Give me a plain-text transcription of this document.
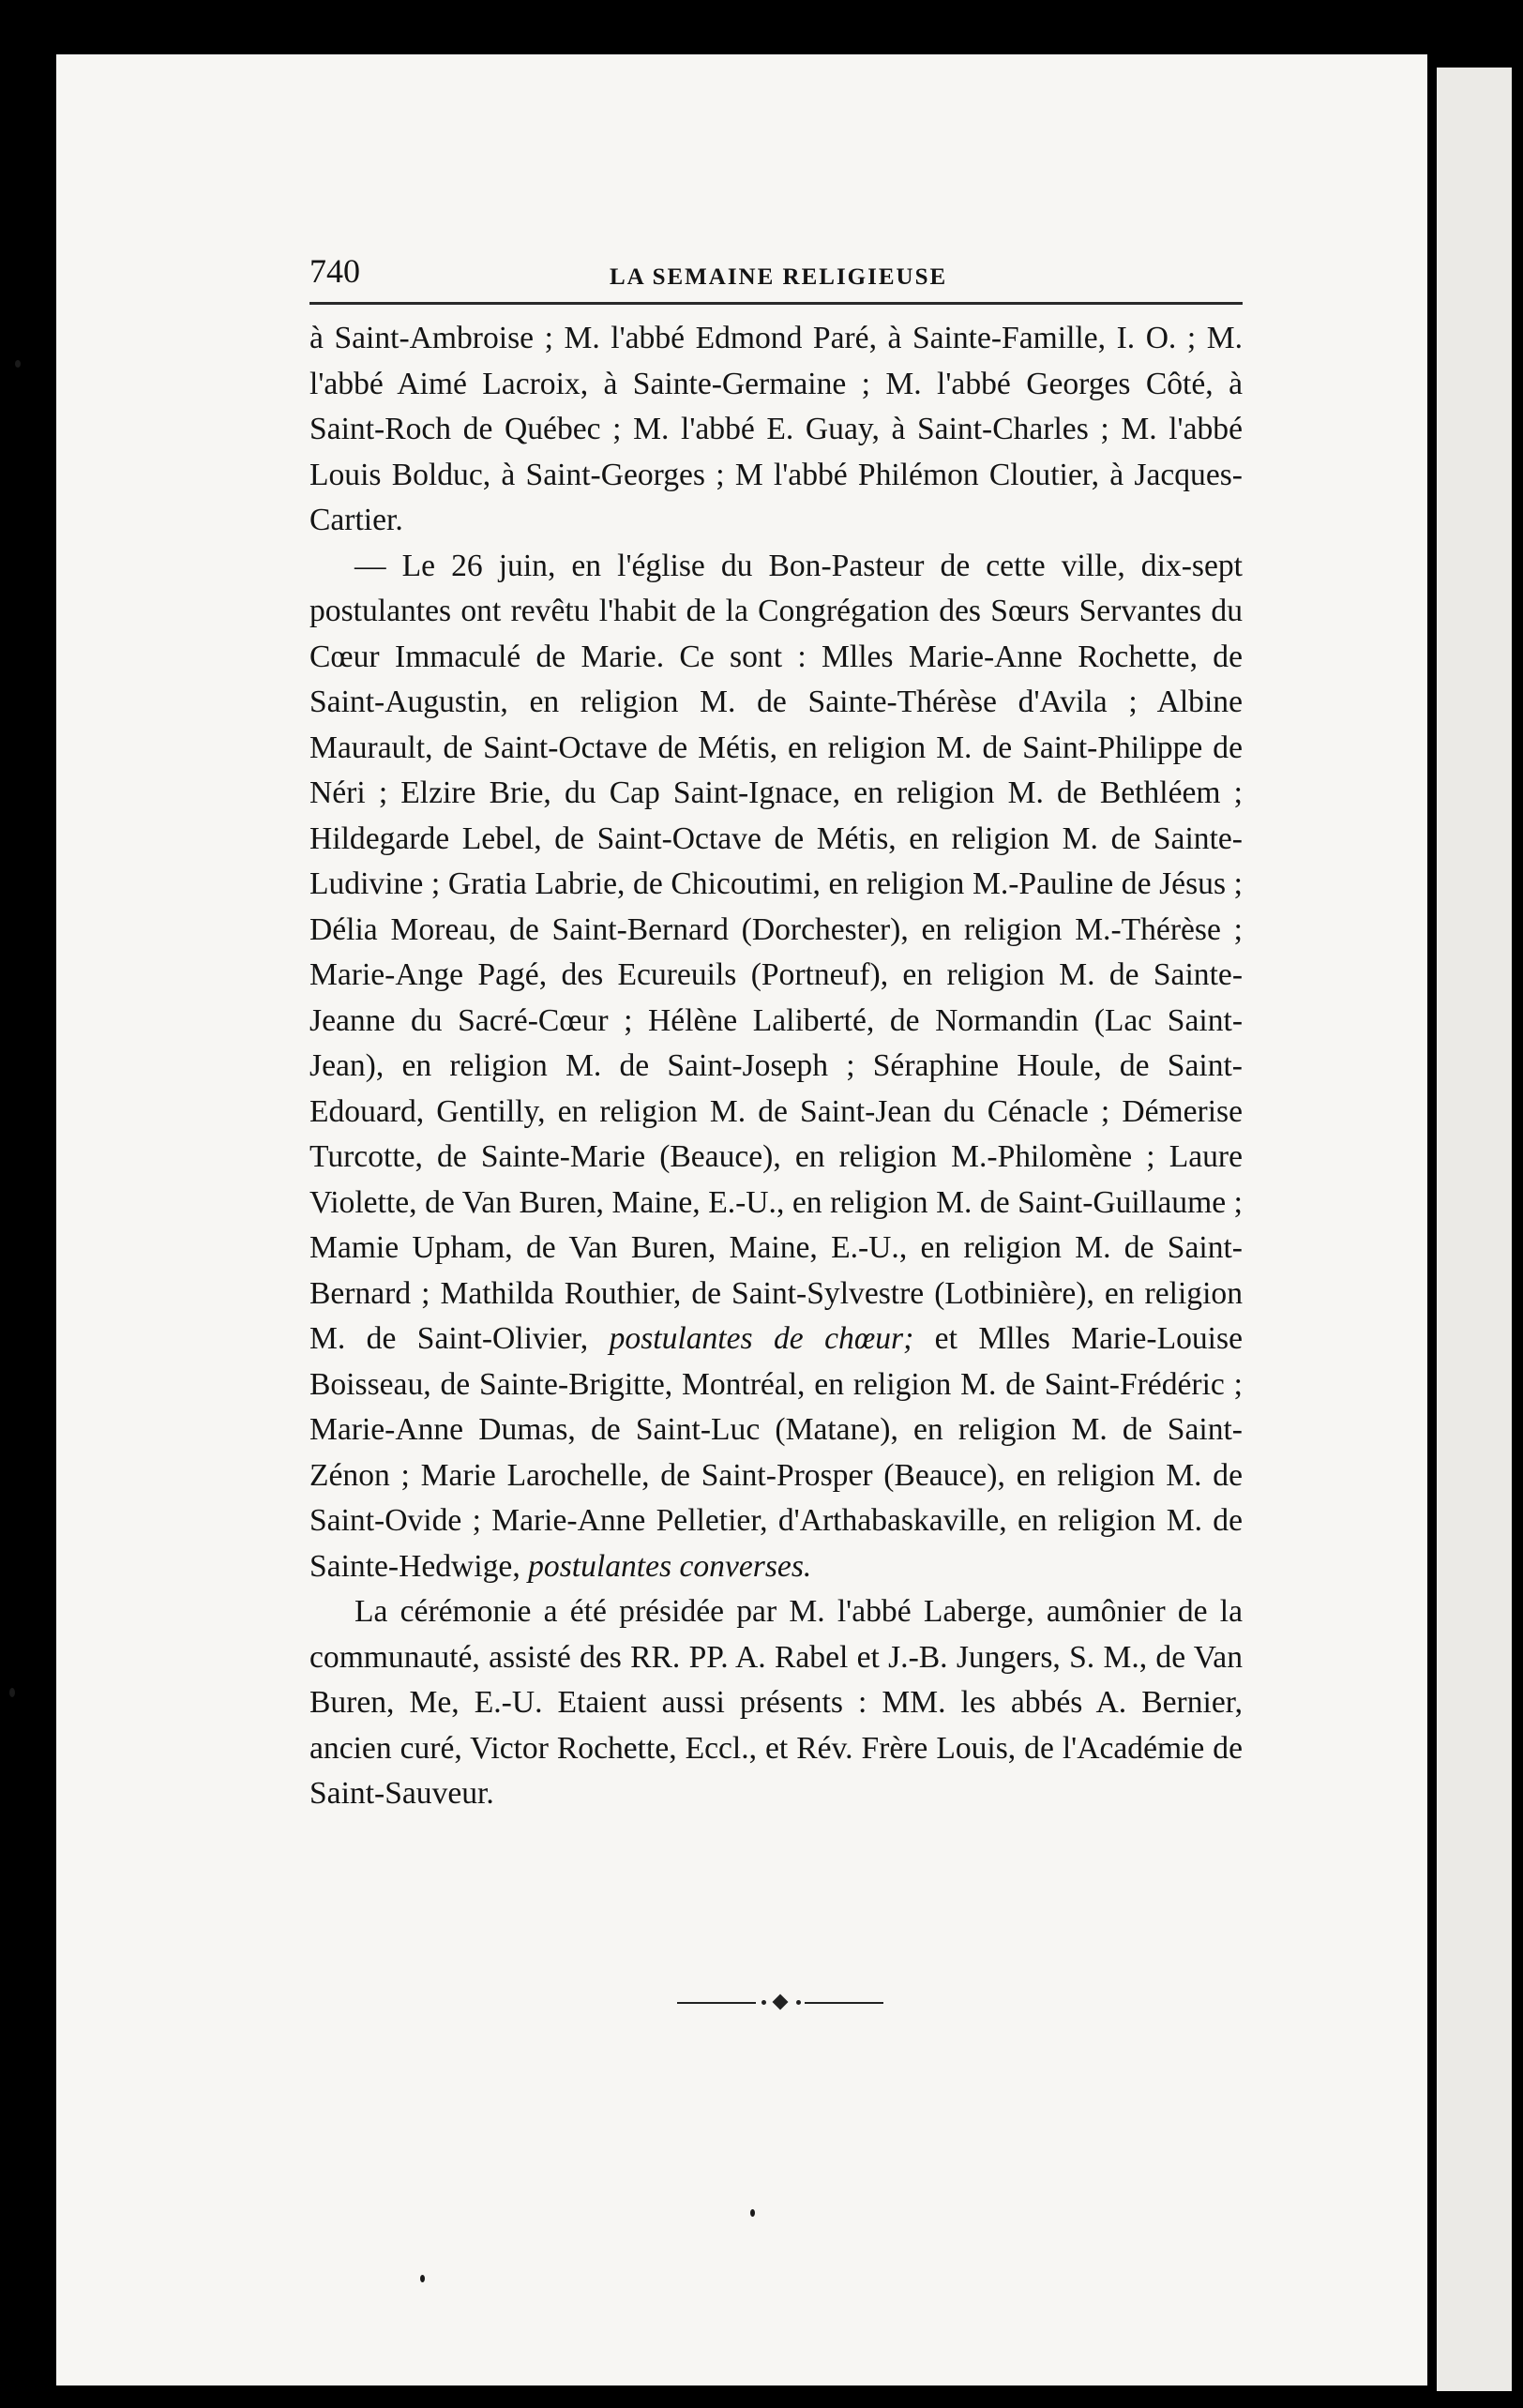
740	LA SEMAINE RELIGIEUSE

à Saint-Ambroise ; M. l'abbé Edmond Paré, à Sainte-Famille, I. O. ; M. l'abbé Aimé Lacroix, à Sainte-Germaine ; M. l'abbé Georges Côté, à Saint-Roch de Québec ; M. l'abbé E. Guay, à Saint-Charles ; M. l'abbé Louis Bolduc, à Saint-Georges ; M l'abbé Philémon Cloutier, à Jacques-Cartier.

— Le 26 juin, en l'église du Bon-Pasteur de cette ville, dix-sept postulantes ont revêtu l'habit de la Congrégation des Sœurs Servantes du Cœur Immaculé de Marie. Ce sont : Mlles Marie-Anne Rochette, de Saint-Augustin, en religion M. de Sainte-Thérèse d'Avila ; Albine Maurault, de Saint-Octave de Métis, en religion M. de Saint-Philippe de Néri ; Elzire Brie, du Cap Saint-Ignace, en religion M. de Bethléem ; Hildegarde Lebel, de Saint-Octave de Métis, en religion M. de Sainte-Ludivine ; Gratia Labrie, de Chicoutimi, en religion M.-Pauline de Jésus ; Délia Moreau, de Saint-Bernard (Dorchester), en religion M.-Thérèse ; Marie-Ange Pagé, des Ecureuils (Portneuf), en religion M. de Sainte-Jeanne du Sacré-Cœur ; Hélène Laliberté, de Normandin (Lac Saint-Jean), en religion M. de Saint-Joseph ; Séraphine Houle, de Saint-Edouard, Gentilly, en religion M. de Saint-Jean du Cénacle ; Démerise Turcotte, de Sainte-Marie (Beauce), en religion M.-Philomène ; Laure Violette, de Van Buren, Maine, E.-U., en religion M. de Saint-Guillaume ; Mamie Upham, de Van Buren, Maine, E.-U., en religion M. de Saint-Bernard ; Mathilda Routhier, de Saint-Sylvestre (Lotbinière), en religion M. de Saint-Olivier, postulantes de chœur; et Mlles Marie-Louise Boisseau, de Sainte-Brigitte, Montréal, en religion M. de Saint-Frédéric ; Marie-Anne Dumas, de Saint-Luc (Matane), en religion M. de Saint-Zénon ; Marie Larochelle, de Saint-Prosper (Beauce), en religion M. de Saint-Ovide ; Marie-Anne Pelletier, d'Arthabaskaville, en religion M. de Sainte-Hedwige, postulantes converses.

La cérémonie a été présidée par M. l'abbé Laberge, aumônier de la communauté, assisté des RR. PP. A. Rabel et J.-B. Jungers, S. M., de Van Buren, Me, E.-U. Etaient aussi présents : MM. les abbés A. Bernier, ancien curé, Victor Rochette, Eccl., et Rév. Frère Louis, de l'Académie de Saint-Sauveur.
